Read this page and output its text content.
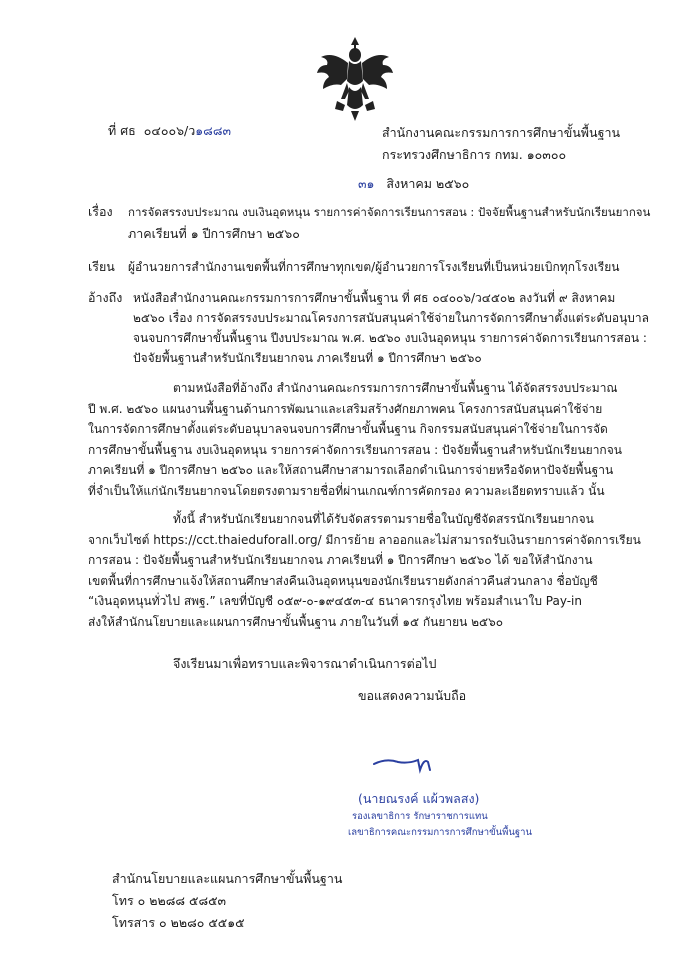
ที่ ศธ ๐๔๐๐๖/ว๑๘๘๓	สำนักงานคณะกรรมการการศึกษาขั้นพื้นฐาน
กระทรวงศึกษาธิการ กทม. ๑๐๓๐๐
๓๑ สิงหาคม ๒๕๖๐
เรื่อง การจัดสรรงบประมาณ งบเงินอุดหนุน รายการค่าจัดการเรียนการสอน : ปัจจัยพื้นฐานสำหรับนักเรียนยากจน
ภาคเรียนที่ ๑ ปีการศึกษา ๒๕๖๐
เรียน ผู้อำนวยการสำนักงานเขตพื้นที่การศึกษาทุกเขต/ผู้อำนวยการโรงเรียนที่เป็นหน่วยเบิกทุกโรงเรียน
อ้างถึง หนังสือสำนักงานคณะกรรมการการศึกษาขั้นพื้นฐาน ที่ ศธ ๐๔๐๐๖/ว๔๕๐๒ ลงวันที่ ๙ สิงหาคม
๒๕๖๐ เรื่อง การจัดสรรงบประมาณโครงการสนับสนุนค่าใช้จ่ายในการจัดการศึกษาตั้งแต่ระดับอนุบาล
จนจบการศึกษาขั้นพื้นฐาน ปีงบประมาณ พ.ศ. ๒๕๖๐ งบเงินอุดหนุน รายการค่าจัดการเรียนการสอน :
ปัจจัยพื้นฐานสำหรับนักเรียนยากจน ภาคเรียนที่ ๑ ปีการศึกษา ๒๕๖๐
ตามหนังสือที่อ้างถึง สำนักงานคณะกรรมการการศึกษาขั้นพื้นฐาน ได้จัดสรรงบประมาณ
ปี พ.ศ. ๒๕๖๐ แผนงานพื้นฐานด้านการพัฒนาและเสริมสร้างศักยภาพคน โครงการสนับสนุนค่าใช้จ่าย
ในการจัดการศึกษาตั้งแต่ระดับอนุบาลจนจบการศึกษาขั้นพื้นฐาน กิจกรรมสนับสนุนค่าใช้จ่ายในการจัด
การศึกษาขั้นพื้นฐาน งบเงินอุดหนุน รายการค่าจัดการเรียนการสอน : ปัจจัยพื้นฐานสำหรับนักเรียนยากจน
ภาคเรียนที่ ๑ ปีการศึกษา ๒๕๖๐ และให้สถานศึกษาสามารถเลือกดำเนินการจ่ายหรือจัดหาปัจจัยพื้นฐาน
ที่จำเป็นให้แก่นักเรียนยากจนโดยตรงตามรายชื่อที่ผ่านเกณฑ์การคัดกรอง ความละเอียดทราบแล้ว นั้น
ทั้งนี้ สำหรับนักเรียนยากจนที่ได้รับจัดสรรตามรายชื่อในบัญชีจัดสรรนักเรียนยากจน
จากเว็บไซต์ https://cct.thaieduforall.org/ มีการย้าย ลาออกและไม่สามารถรับเงินรายการค่าจัดการเรียน
การสอน : ปัจจัยพื้นฐานสำหรับนักเรียนยากจน ภาคเรียนที่ ๑ ปีการศึกษา ๒๕๖๐ ได้ ขอให้สำนักงาน
เขตพื้นที่การศึกษาแจ้งให้สถานศึกษาส่งคืนเงินอุดหนุนของนักเรียนรายดังกล่าวคืนส่วนกลาง ชื่อบัญชี
“เงินอุดหนุนทั่วไป สพฐ.” เลขที่บัญชี ๐๕๙-๐-๑๙๔๕๓-๔ ธนาคารกรุงไทย พร้อมสำเนาใบ Pay-in
ส่งให้สำนักนโยบายและแผนการศึกษาขั้นพื้นฐาน ภายในวันที่ ๑๕ กันยายน ๒๕๖๐
จึงเรียนมาเพื่อทราบและพิจารณาดำเนินการต่อไป
ขอแสดงความนับถือ
(นายณรงค์ แผ้วพลสง)
รองเลขาธิการ รักษาราชการแทน
เลขาธิการคณะกรรมการการศึกษาขั้นพื้นฐาน
สำนักนโยบายและแผนการศึกษาขั้นพื้นฐาน
โทร ๐ ๒๒๘๘ ๕๘๕๓
โทรสาร ๐ ๒๒๘๐ ๕๕๑๕
